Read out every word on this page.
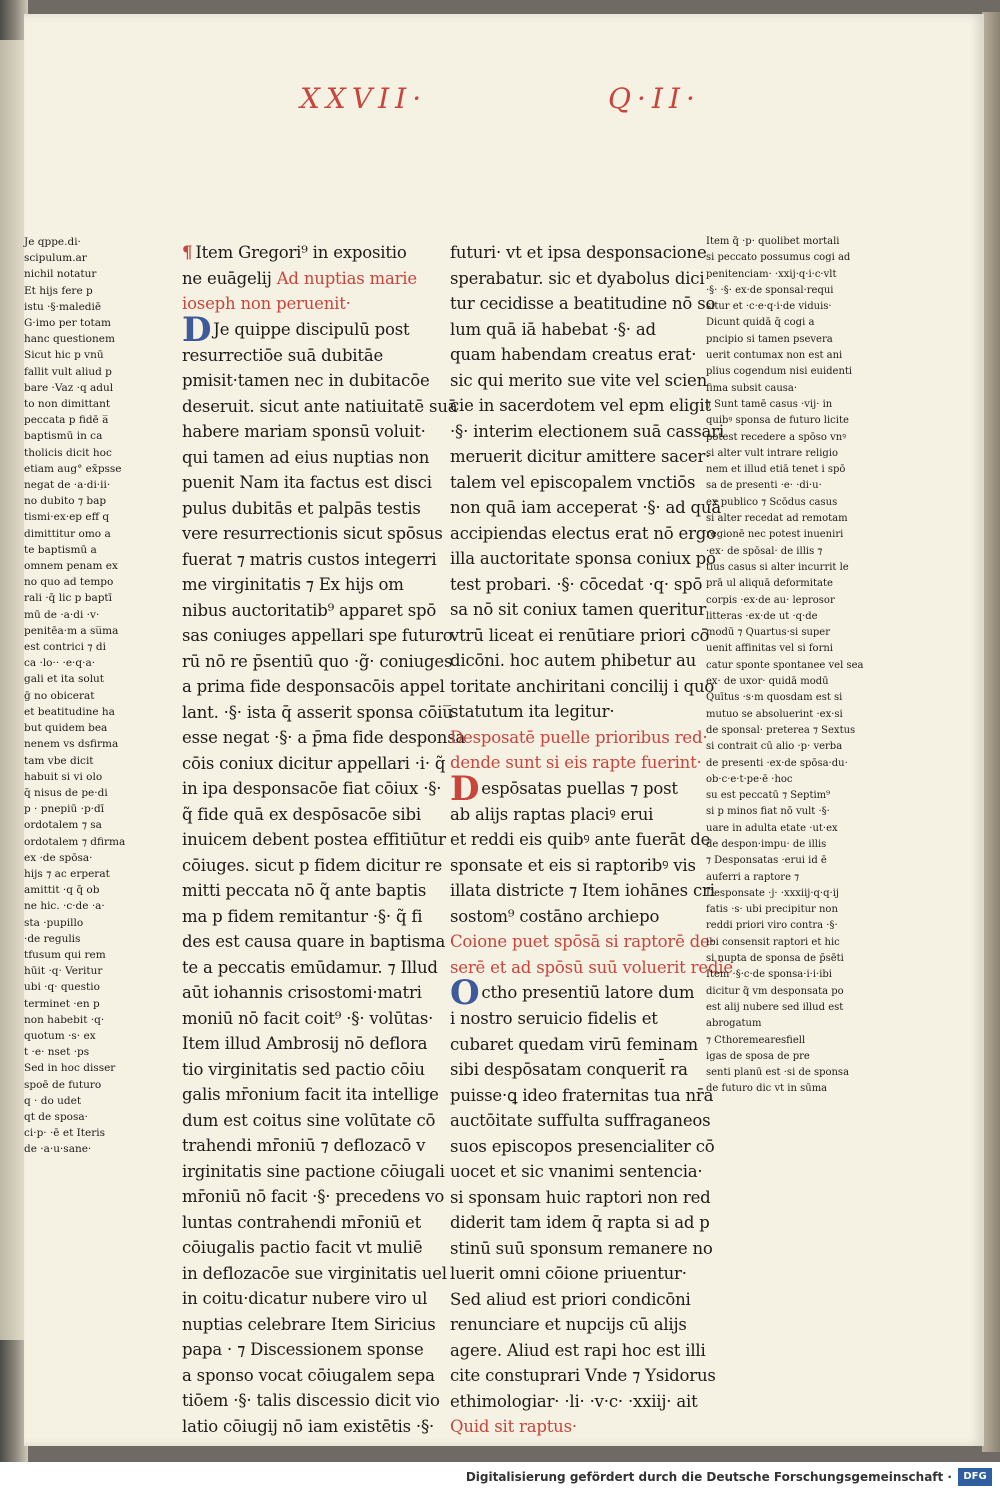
XXVII·	Q·II·
Je qppe.di·
scipulum.ar
nichil notatur
Et hijs fere p
istu ·§·malediē
G·imo per totam
hanc questionem
Sicut hic p vnū
fallit vult aliud p
bare ·Vaz ·q adul
to non dimittant
peccata p fidē a̅
baptismū in ca
tholicis dicit hoc
etiam aug° ex̄psse
negat de ·a·di·ii·
no dubito ⁊ bap
tismi·ex·ep eff q
dimittitur omo a
te baptismū a
omnem penam ex
no quo ad tempo
rali ·q̄ lic p baptī
mū de ·a·di ·v·
penitēa·m a su̅ma
est contrici ⁊ di
ca ·lo·· ·e·q·a·
gali et ita solut
ḡ no obicerat
et beatitudine ha
but quidem bea
nenem vs dsfirma
tam vbe dicit
habuit si vi olo
q̄ nisus de pe·di
p · pnepiū ·p·dī
ordotalem ⁊ sa
ordotalem ⁊ dfirma
ex ·de spōsa·
hijs ⁊ ac erperat
amittit ·q q̄ ob
ne hic. ·c·de ·a·
sta ·pupillo
·de regulis
tfusum qui rem
hūit ·q· Veritur
ubi ·q· questio
terminet ·en p
non habebit ·q·
quotum ·s· ex
t ·e· nset ·ps
Sed in hoc disser
spoē de futuro
q · do udet
qt de sposa·
ci·p· ·ē et Iteris
de ·a·u·sane·
¶ Item Gregori⁹ in expositio
ne euāgelij Ad nuptias marie
ioseph non peruenit·
D Je quippe discipulū post
resurrectiōe suā dubitāe
pmisit·tamen nec in dubitacōe
deseruit. sicut ante natiuitatē suā
habere mariam sponsū voluit·
qui tamen ad eius nuptias non
puenit Nam ita factus est disci
pulus dubitās et palpās testis
vere resurrectionis sicut spōsus
fuerat ⁊ matris custos integerri
me virginitatis ⁊ Ex hijs om
nibus auctoritatib⁹ apparet spō
sas coniuges appellari spe futuro
rū nō re p̄sentiū quo ·g̃· coniuges
a prima fide desponsacōis appel
lant. ·§· ista q̄ asserit sponsa cōiu̅
esse negat ·§· a p̄ma fide desponsa
cōis coniux dicitur appellari ·i· q̃
in ipa desponsacōe fiat cōiux ·§·
q̃ fide quā ex despōsacōe sibi
inuicem debent postea effitiūtur
cōiuges. sicut p fidem dicitur re
mitti peccata nō q̃ ante baptis
ma p fidem remitantur ·§· q̃ fi
des est causa quare in baptisma
te a peccatis emūdamur. ⁊ Illud
aūt iohannis crisostomi·matri
moniū nō facit coit⁹ ·§· volūtas·
Item illud Ambrosij nō deflora
tio virginitatis sed pactio cōiu
galis mr̄onium facit ita intellige
dum est coitus sine volūtate cō
trahendi mr̄oniū ⁊ deflozacō v
irginitatis sine pactione cōiugali
mr̄oniū nō facit ·§· precedens vo
luntas contrahendi mr̄oniū et
cōiugalis pactio facit vt muliē
in deflozacōe sue virginitatis uel
in coitu·dicatur nubere viro ul
nuptias celebrare Item Siricius
papa · ⁊ Discessionem sponse
a sponso vocat cōiugalem sepa
tiōem ·§· talis discessio dicit vio
latio cōiugij nō iam existētis ·§·
futuri· vt et ipsa desponsacione
sperabatur. sic et dyabolus dici
tur cecidisse a beatitudine nō so
lum quā iā habebat ·§· ad
quam habendam creatus erat·
sic qui merito sue vite vel scien
cie in sacerdotem vel epm eligit
·§· interim electionem suā cassari
meruerit dicitur amittere sacer·
talem vel episcopalem vnctiōs
non quā iam acceperat ·§· ad quā
accipiendas electus erat nō ergo
illa auctoritate sponsa coniux po
test probari. ·§· cōcedat ·q· spō
sa nō sit coniux tamen queritur
vtrū liceat ei renūtiare priori cō
dicōni. hoc autem phibetur au
toritate anchiritani concilij i quo
statutum ita legitur·
Desposatē puelle prioribus red·
dende sunt si eis rapte fuerint·
Despōsatas puellas ⁊ post
ab alijs raptas placiꝰ erui
et reddi eis quibꝰ ante fuerāt de
sponsate et eis si raptoribꝰ vis
illata districte ⁊ Item iohānes cri
sostom⁹ costāno archiepo
Coione puet spōsā si raptorē de·
serē et ad spōsū suū voluerit redie
Octho presentiū latore dum
i nostro seruicio fidelis et
cubaret quedam virū feminam
sibi despōsatam conquerit̄ ra
puisse·ꝗ ideo fraternitas tua nr̄a
auctōitate suffulta suffraganeos
suos episcopos presencialiter cō
uocet et sic vnanimi sentencia·
si sponsam huic raptori non red
diderit tam idem q̄ rapta si ad p
stinū suū sponsum remanere no
luerit omni cōione priuentur·
Sed aliud est priori condicōni
renunciare et nupcijs cū alijs
agere. Aliud est rapi hoc est illi
cite constuprari Vnde ⁊ Ysidorus
ethimologiar· ·li· ·v·c· ·xxiij· ait
Quid sit raptus·
Item q̃ ·p· quolibet mortali
si peccato possumus cogi ad
penitenciam· ·xxij·q·i·c·vlt
·§· ·§· ex·de sponsal·requi
situr et ·c·e·q·i·de viduis·
Dicunt quidā q̄ cogi a
pncipio si tamen psevera
uerit contumax non est ani
plius cogendum nisi euidenti
fima subsit causa·
⁊ Sunt tamē casus ·vij· in
quibꝰ sponsa de futuro licite
potest recedere a spōso vnꝰ
si alter vult intrare religio
nem et illud etiā tenet i spō
sa de presenti ·e· ·di·u·
ex publico ⁊ Scōdus casus
si alter recedat ad remotam
regionē nec potest inueniri
·ex· de spōsal· de illis ⁊
tius casus si alter incurrit le
prā ul aliquā deformitate
corpis ·ex·de au· leprosor
litteras ·ex·de ut ·q·de
modū ⁊ Quartus·si super
uenit affinitas vel si forni
catur sponte spontanee vel sea
ex· de uxor· quidā modū
Quītus ·s·m quosdam est si
mutuo se absoluerint ·ex·si
de sponsal· preterea ⁊ Sextus
si contrait cū alio ·p· verba
de presenti ·ex·de spōsa·du·
ob·c·e·t·pe·ē ·hoc
su est peccatū ⁊ Septim⁹
si p minos fiat nō vult ·§·
uare in adulta etate ·ut·ex
de despon·impu· de illis
⁊ Desponsatas ·erui id ē
auferri a raptore ⁊
Desponsate ·j· ·xxxiij·q·q·ij
fatis ·s· ubi precipitur non
reddi priori viro contra ·§·
ibi consensit raptori et hic
si nupta de sponsa de p̄sēti
Item ·§·c·de sponsa·i·i·ibi
dicitur q̃ vm desponsata po
est alij nubere sed illud est
abrogatum
⁊ Cthoremearesfiell
igas de sposa de pre
senti planū est ·si de sponsa
de futuro dic vt in sūma
Digitalisierung gefördert durch die Deutsche Forschungsgemeinschaft ·	DFG
